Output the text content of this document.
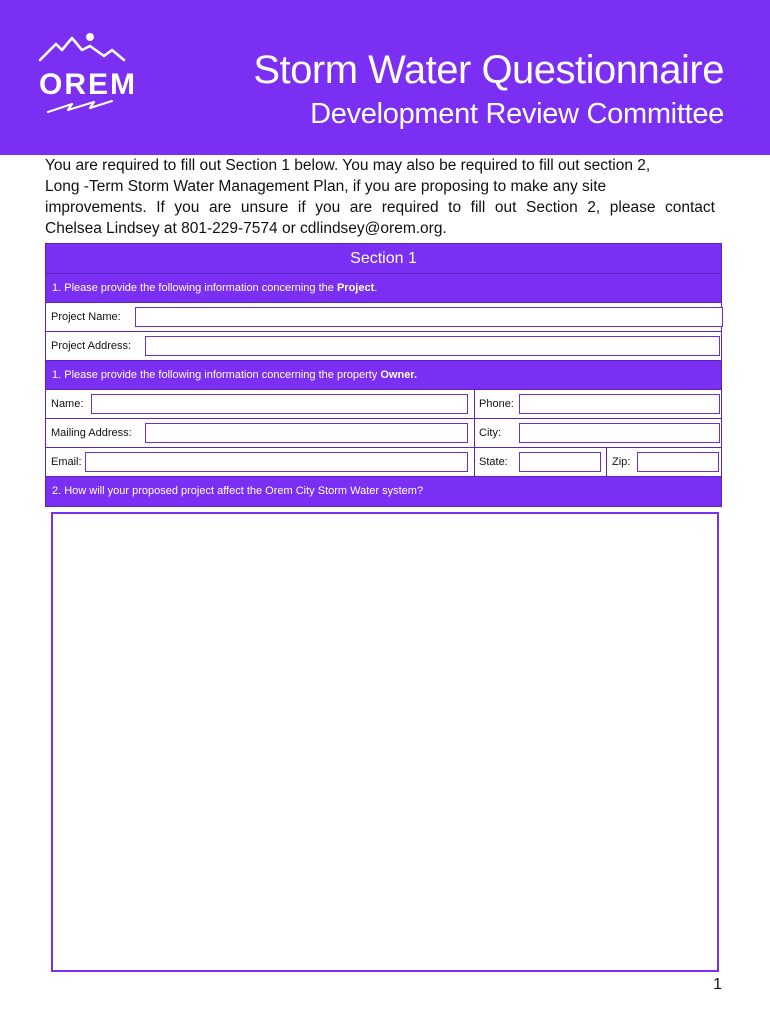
OREM	Storm Water Questionnaire
Development Review Committee
You are required to fill out Section 1 below. You may also be required to fill out section 2,
Long -Term Storm Water Management Plan, if you are proposing to make any site
improvements. If you are unsure if you are required to fill out Section 2, please contact
Chelsea Lindsey at 801-229-7574 or cdlindsey@orem.org.
Section 1
1. Please provide the following information concerning the Project.
Project Name:
Project Address:
1. Please provide the following information concerning the property Owner.
Name:	Phone:
Mailing Address:	City:
Email:	State:	Zip:
2. How will your proposed project affect the Orem City Storm Water system?
1
